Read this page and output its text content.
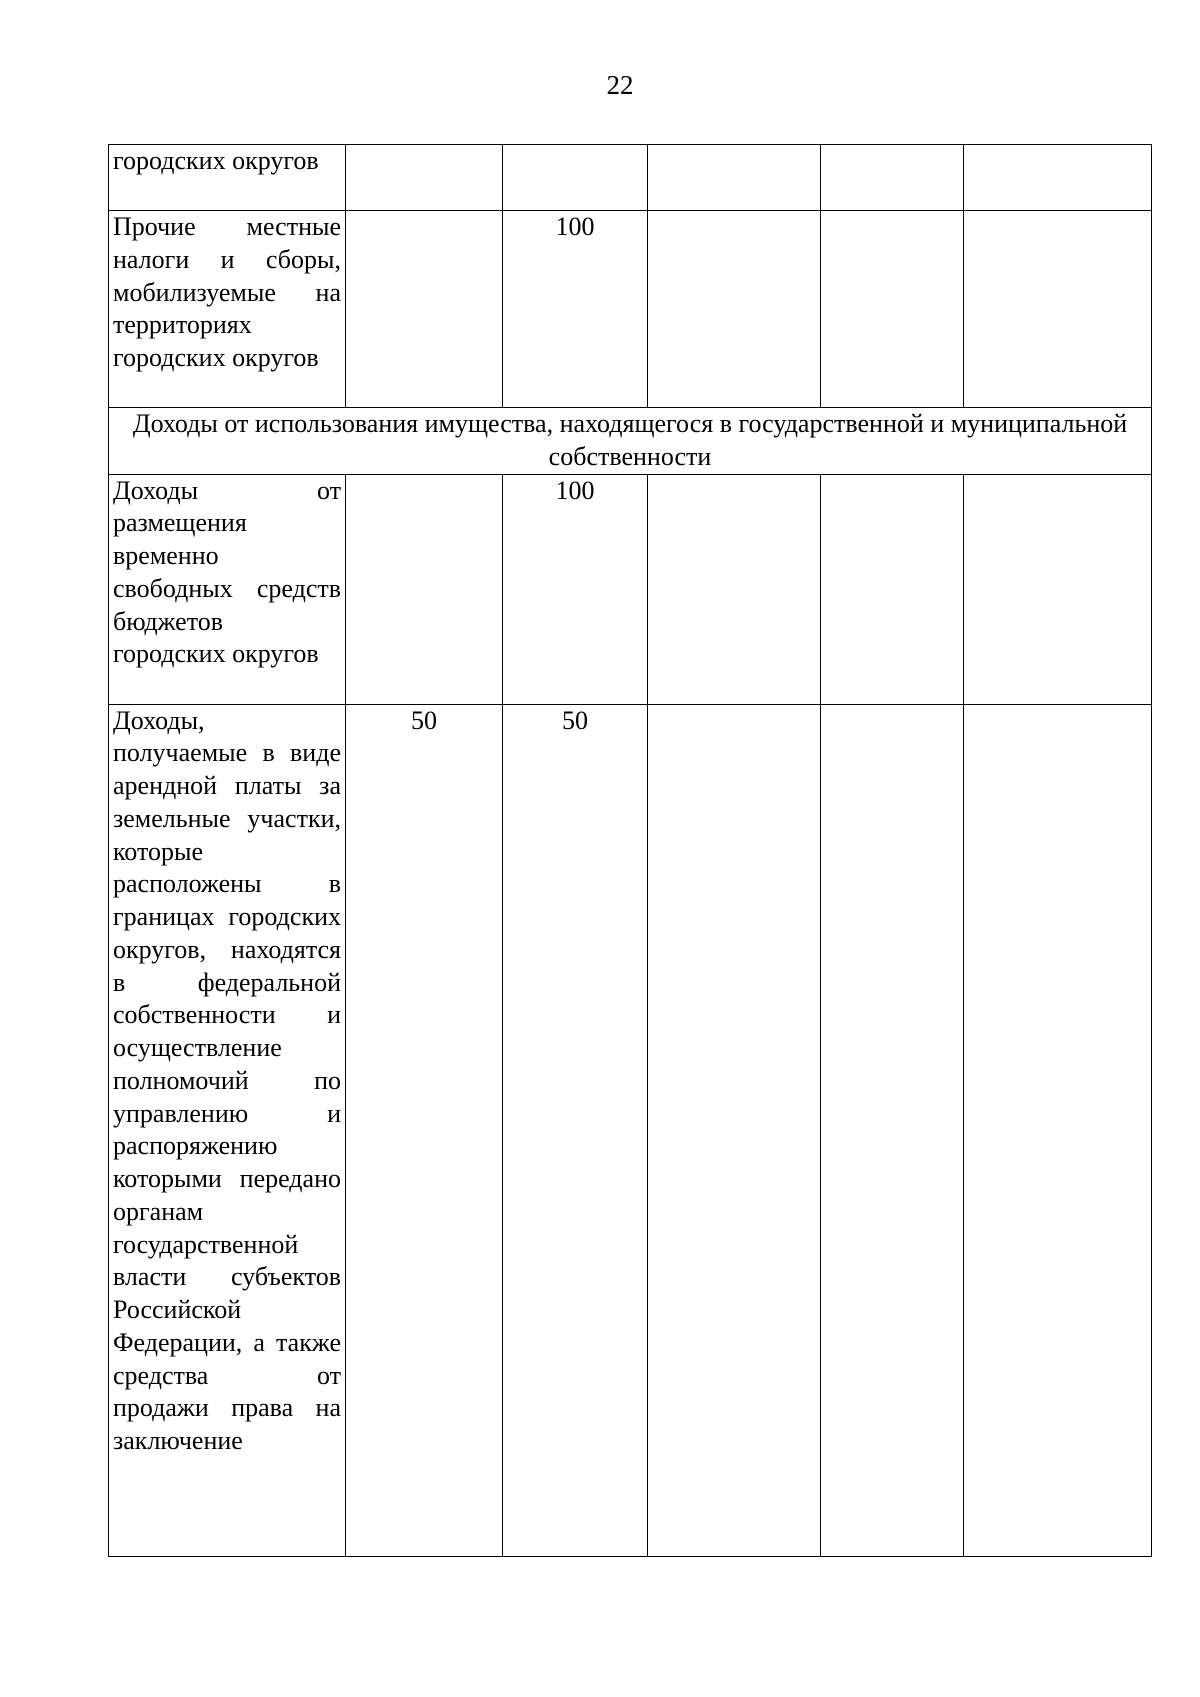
22
городских округов					
Прочие местные налоги и сборы, мобилизуемые на территориях городских округов		100			
Доходы от использования имущества, находящегося в государственной и муниципальной собственности					
Доходы от размещения временно свободных средств бюджетов городских округов		100			
Доходы, получаемые в виде арендной платы за земельные участки, которые расположены в границах городских округов, находятся в федеральной собственности и осуществление полномочий по управлению и распоряжению которыми передано органам государственной власти субъектов Российской Федерации, а также средства от продажи права на заключение	50	50			
